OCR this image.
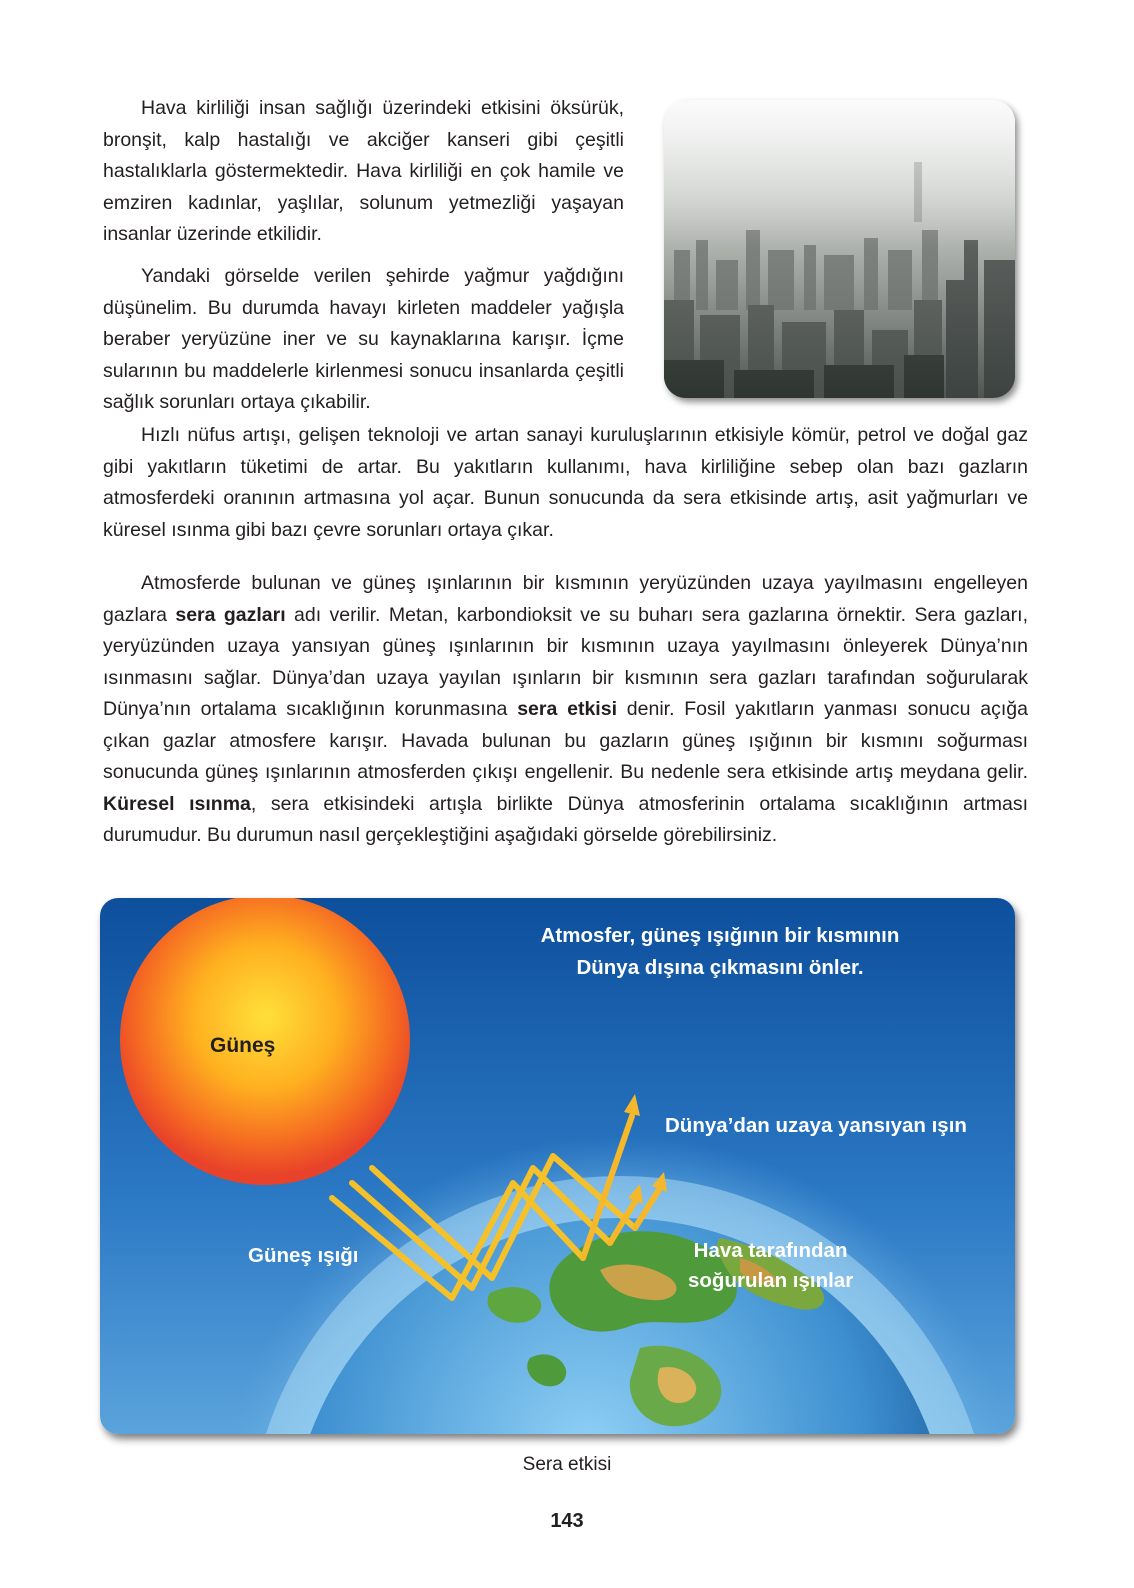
Hava kirliliği insan sağlığı üzerindeki etkisini öksürük, bronşit, kalp hastalığı ve akciğer kanseri gibi çeşitli hastalıklarla göstermektedir. Hava kirliliği en çok hamile ve emziren kadınlar, yaşlılar, solunum yetmezliği yaşayan insanlar üzerinde etkilidir.

Yandaki görselde verilen şehirde yağmur yağdığını düşünelim. Bu durumda havayı kirleten maddeler yağışla beraber yeryüzüne iner ve su kaynaklarına karışır. İçme sularının bu maddelerle kirlenmesi sonucu insanlarda çeşitli sağlık sorunları ortaya çıkabilir.

Hızlı nüfus artışı, gelişen teknoloji ve artan sanayi kuruluşlarının etkisiyle kömür, petrol ve doğal gaz gibi yakıtların tüketimi de artar. Bu yakıtların kullanımı, hava kirliliğine sebep olan bazı gazların atmosferdeki oranının artmasına yol açar. Bunun sonucunda da sera etkisinde artış, asit yağmurları ve küresel ısınma gibi bazı çevre sorunları ortaya çıkar.

Atmosferde bulunan ve güneş ışınlarının bir kısmının yeryüzünden uzaya yayılmasını engelleyen gazlara sera gazları adı verilir. Metan, karbondioksit ve su buharı sera gazlarına örnektir. Sera gazları, yeryüzünden uzaya yansıyan güneş ışınlarının bir kısmının uzaya yayılmasını önleyerek Dünya’nın ısınmasını sağlar. Dünya’dan uzaya yayılan ışınların bir kısmının sera gazları tarafından soğurularak Dünya’nın ortalama sıcaklığının korunmasına sera etkisi denir. Fosil yakıtların yanması sonucu açığa çıkan gazlar atmosfere karışır. Havada bulunan bu gazların güneş ışığının bir kısmını soğurması sonucunda güneş ışınlarının atmosferden çıkışı engellenir. Bu nedenle sera etkisinde artış meydana gelir. Küresel ısınma, sera etkisindeki artışla birlikte Dünya atmosferinin ortalama sıcaklığının artması durumudur. Bu durumun nasıl gerçekleştiğini aşağıdaki görselde görebilirsiniz.

Atmosfer, güneş ışığının bir kısmının
Dünya dışına çıkmasını önler.
Güneş
Dünya’dan uzaya yansıyan ışın
Güneş ışığı	Hava tarafından
soğurulan ışınlar
Sera etkisi
143
